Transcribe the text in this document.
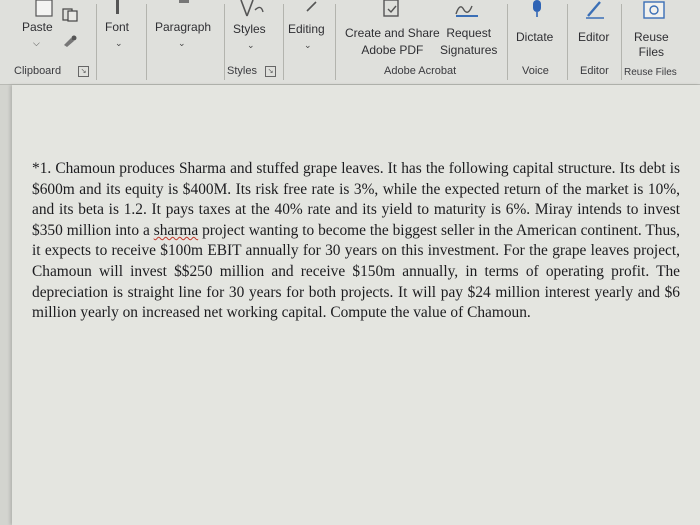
Paste
⌵
Clipboard	↘
Font
⌄
Paragraph
⌄
Styles
⌄
Styles	↘
Editing
⌄
Create and Share
Adobe PDF
Request
Signatures
Adobe Acrobat
Dictate
Voice
Editor
Editor
Reuse
Files
Reuse Files

*1. Chamoun produces Sharma and stuffed grape leaves. It has the following capital structure. Its debt is $600m and its equity is $400M. Its risk free rate is 3%, while the expected return of the market is 10%, and its beta is 1.2. It pays taxes at the 40% rate and its yield to maturity is 6%. Miray intends to invest $350 million into a sharma project wanting to become the biggest seller in the American continent. Thus, it expects to receive $100m EBIT annually for 30 years on this investment. For the grape leaves project, Chamoun will invest $$250 million and receive $150m annually, in terms of operating profit. The depreciation is straight line for 30 years for both projects. It will pay $24 million interest yearly and $6 million yearly on increased net working capital. Compute the value of Chamoun.
